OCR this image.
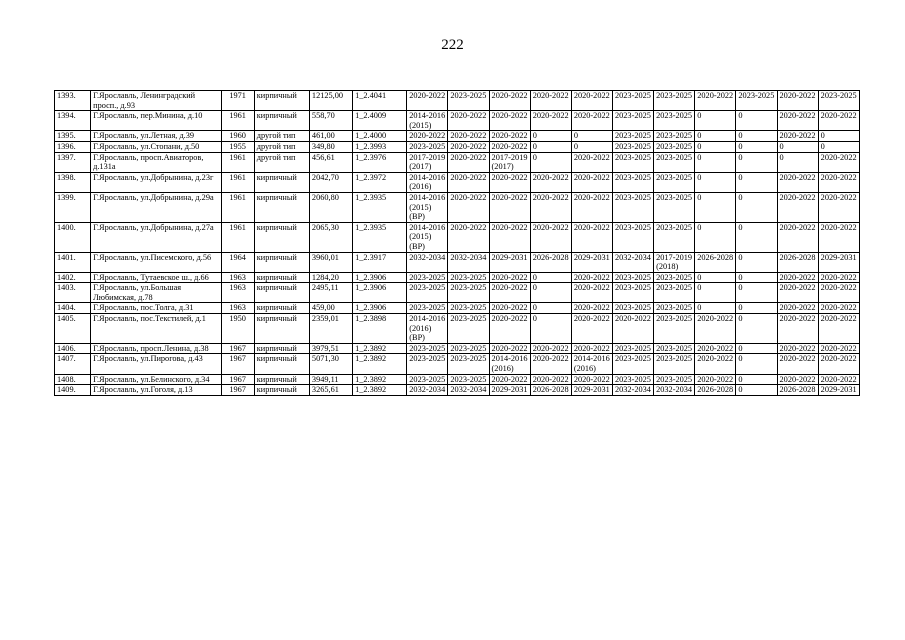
222
1393.	Г.Ярославль, Ленинградский просп., д.93	1971	кирпичный	12125,00	1_2.4041	2020-2022	2023-2025	2020-2022	2020-2022	2020-2022	2023-2025	2023-2025	2020-2022	2023-2025	2020-2022	2023-2025
1394.	Г.Ярославль, пер.Минина, д.10	1961	кирпичный	558,70	1_2.4009	2014-2016 (2015)	2020-2022	2020-2022	2020-2022	2020-2022	2023-2025	2023-2025	0	0	2020-2022	2020-2022
1395.	Г.Ярославль, ул.Летная, д.39	1960	другой тип	461,00	1_2.4000	2020-2022	2020-2022	2020-2022	0	0	2023-2025	2023-2025	0	0	2020-2022	0
1396.	Г.Ярославль, ул.Стопани, д.50	1955	другой тип	349,80	1_2.3993	2023-2025	2020-2022	2020-2022	0	0	2023-2025	2023-2025	0	0	0	0
1397.	Г.Ярославль, просп.Авиаторов, д.131а	1961	другой тип	456,61	1_2.3976	2017-2019 (2017)	2020-2022	2017-2019 (2017)	0	2020-2022	2023-2025	2023-2025	0	0	0	2020-2022
1398.	Г.Ярославль, ул.Добрынина, д.23г	1961	кирпичный	2042,70	1_2.3972	2014-2016 (2016)	2020-2022	2020-2022	2020-2022	2020-2022	2023-2025	2023-2025	0	0	2020-2022	2020-2022
1399.	Г.Ярославль, ул.Добрынина, д.29а	1961	кирпичный	2060,80	1_2.3935	2014-2016 (2015) (ВР)	2020-2022	2020-2022	2020-2022	2020-2022	2023-2025	2023-2025	0	0	2020-2022	2020-2022
1400.	Г.Ярославль, ул.Добрынина, д.27а	1961	кирпичный	2065,30	1_2.3935	2014-2016 (2015) (ВР)	2020-2022	2020-2022	2020-2022	2020-2022	2023-2025	2023-2025	0	0	2020-2022	2020-2022
1401.	Г.Ярославль, ул.Писемского, д.56	1964	кирпичный	3960,01	1_2.3917	2032-2034	2032-2034	2029-2031	2026-2028	2029-2031	2032-2034	2017-2019 (2018)	2026-2028	0	2026-2028	2029-2031
1402.	Г.Ярославль, Тутаевское ш., д.66	1963	кирпичный	1284,20	1_2.3906	2023-2025	2023-2025	2020-2022	0	2020-2022	2023-2025	2023-2025	0	0	2020-2022	2020-2022
1403.	Г.Ярославль, ул.Большая Любимская, д.78	1963	кирпичный	2495,11	1_2.3906	2023-2025	2023-2025	2020-2022	0	2020-2022	2023-2025	2023-2025	0	0	2020-2022	2020-2022
1404.	Г.Ярославль, пос.Толга, д.31	1963	кирпичный	459,00	1_2.3906	2023-2025	2023-2025	2020-2022	0	2020-2022	2023-2025	2023-2025	0	0	2020-2022	2020-2022
1405.	Г.Ярославль, пос.Текстилей, д.1	1950	кирпичный	2359,01	1_2.3898	2014-2016 (2016) (ВР)	2023-2025	2020-2022	0	2020-2022	2020-2022	2023-2025	2020-2022	0	2020-2022	2020-2022
1406.	Г.Ярославль, просп.Ленина, д.38	1967	кирпичный	3979,51	1_2.3892	2023-2025	2023-2025	2020-2022	2020-2022	2020-2022	2023-2025	2023-2025	2020-2022	0	2020-2022	2020-2022
1407.	Г.Ярославль, ул.Пирогова, д.43	1967	кирпичный	5071,30	1_2.3892	2023-2025	2023-2025	2014-2016 (2016)	2020-2022	2014-2016 (2016)	2023-2025	2023-2025	2020-2022	0	2020-2022	2020-2022
1408.	Г.Ярославль, ул.Белинского, д.34	1967	кирпичный	3949,11	1_2.3892	2023-2025	2023-2025	2020-2022	2020-2022	2020-2022	2023-2025	2023-2025	2020-2022	0	2020-2022	2020-2022
1409.	Г.Ярославль, ул.Гоголя, д.13	1967	кирпичный	3265,61	1_2.3892	2032-2034	2032-2034	2029-2031	2026-2028	2029-2031	2032-2034	2032-2034	2026-2028	0	2026-2028	2029-2031
